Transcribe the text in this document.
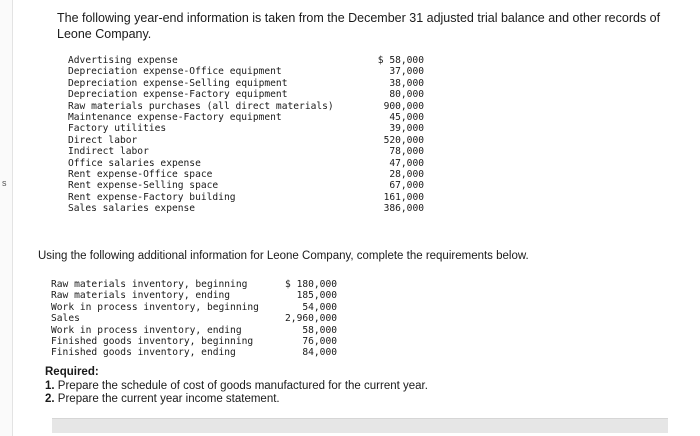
s
The following year-end information is taken from the December 31 adjusted trial balance and other records of Leone Company.
Advertising expense	$ 58,000
Depreciation expense-Office equipment	37,000
Depreciation expense-Selling equipment	38,000
Depreciation expense-Factory equipment	80,000
Raw materials purchases (all direct materials)	900,000
Maintenance expense-Factory equipment	45,000
Factory utilities	39,000
Direct labor	520,000
Indirect labor	78,000
Office salaries expense	47,000
Rent expense-Office space	28,000
Rent expense-Selling space	67,000
Rent expense-Factory building	161,000
Sales salaries expense	386,000
Using the following additional information for Leone Company, complete the requirements below.
Raw materials inventory, beginning	$ 180,000
Raw materials inventory, ending	185,000
Work in process inventory, beginning	54,000
Sales	2,960,000
Work in process inventory, ending	58,000
Finished goods inventory, beginning	76,000
Finished goods inventory, ending	84,000
Required:
1. Prepare the schedule of cost of goods manufactured for the current year.
2. Prepare the current year income statement.
